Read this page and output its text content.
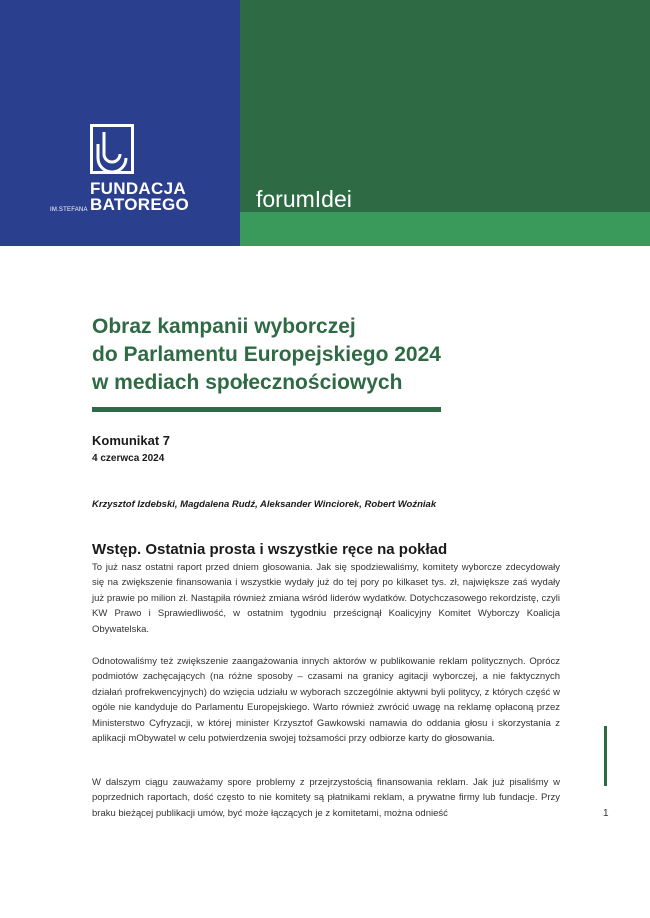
FUNDACJA
IM.STEFANA BATOREGO	forumIdei
Obraz kampanii wyborczej
do Parlamentu Europejskiego 2024
w mediach społecznościowych
Komunikat 7
4 czerwca 2024
Krzysztof Izdebski, Magdalena Rudź, Aleksander Winciorek, Robert Woźniak
Wstęp. Ostatnia prosta i wszystkie ręce na pokład
To już nasz ostatni raport przed dniem głosowania. Jak się spodziewaliśmy, komitety wyborcze zdecydowały się na zwiększenie finansowania i wszystkie wydały już do tej pory po kilkaset tys. zł, największe zaś wydały już prawie po milion zł. Nastąpiła również zmiana wśród liderów wydatków. Dotychczasowego rekordzistę, czyli KW Prawo i Sprawiedliwość, w ostatnim tygodniu prześcignął Koalicyjny Komitet Wyborczy Koalicja Obywatelska.
Odnotowaliśmy też zwiększenie zaangażowania innych aktorów w publikowanie reklam politycznych. Oprócz podmiotów zachęcających (na różne sposoby – czasami na granicy agitacji wyborczej, a nie faktycznych działań profrekwencyjnych) do wzięcia udziału w wyborach szczególnie aktywni byli politycy, z których część w ogóle nie kandyduje do Parlamentu Europejskiego. Warto również zwrócić uwagę na reklamę opłaconą przez Ministerstwo Cyfryzacji, w której minister Krzysztof Gawkowski namawia do oddania głosu i skorzystania z aplikacji mObywatel w celu potwierdzenia swojej tożsamości przy odbiorze karty do głosowania.
W dalszym ciągu zauważamy spore problemy z przejrzystością finansowania reklam. Jak już pisaliśmy w poprzednich raportach, dość często to nie komitety są płatnikami reklam, a prywatne firmy lub fundacje. Przy braku bieżącej publikacji umów, być może łączących je z komitetami, można odnieść	1
